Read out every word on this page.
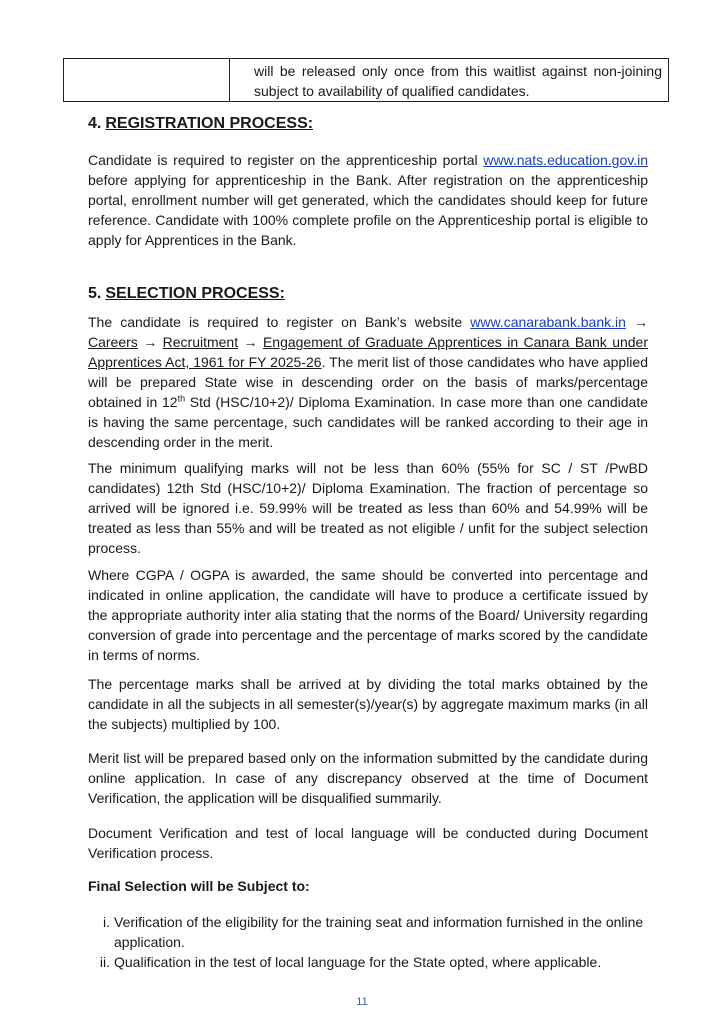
	will be released only once from this waitlist against non-joining subject to availability of qualified candidates.
4. REGISTRATION PROCESS:

Candidate is required to register on the apprenticeship portal www.nats.education.gov.in before applying for apprenticeship in the Bank. After registration on the apprenticeship portal, enrollment number will get generated, which the candidates should keep for future reference. Candidate with 100% complete profile on the Apprenticeship portal is eligible to apply for Apprentices in the Bank.

5. SELECTION PROCESS:

The candidate is required to register on Bank’s website www.canarabank.bank.in → Careers → Recruitment → Engagement of Graduate Apprentices in Canara Bank under Apprentices Act, 1961 for FY 2025-26. The merit list of those candidates who have applied will be prepared State wise in descending order on the basis of marks/percentage obtained in 12th Std (HSC/10+2)/ Diploma Examination. In case more than one candidate is having the same percentage, such candidates will be ranked according to their age in descending order in the merit.

The minimum qualifying marks will not be less than 60% (55% for SC / ST /PwBD candidates) 12th Std (HSC/10+2)/ Diploma Examination. The fraction of percentage so arrived will be ignored i.e. 59.99% will be treated as less than 60% and 54.99% will be treated as less than 55% and will be treated as not eligible / unfit for the subject selection process.

Where CGPA / OGPA is awarded, the same should be converted into percentage and indicated in online application, the candidate will have to produce a certificate issued by the appropriate authority inter alia stating that the norms of the Board/ University regarding conversion of grade into percentage and the percentage of marks scored by the candidate in terms of norms.

The percentage marks shall be arrived at by dividing the total marks obtained by the candidate in all the subjects in all semester(s)/year(s) by aggregate maximum marks (in all the subjects) multiplied by 100.

Merit list will be prepared based only on the information submitted by the candidate during online application. In case of any discrepancy observed at the time of Document Verification, the application will be disqualified summarily.

Document Verification and test of local language will be conducted during Document Verification process.

Final Selection will be Subject to:

i. Verification of the eligibility for the training seat and information furnished in the online application.
ii. Qualification in the test of local language for the State opted, where applicable.
11
